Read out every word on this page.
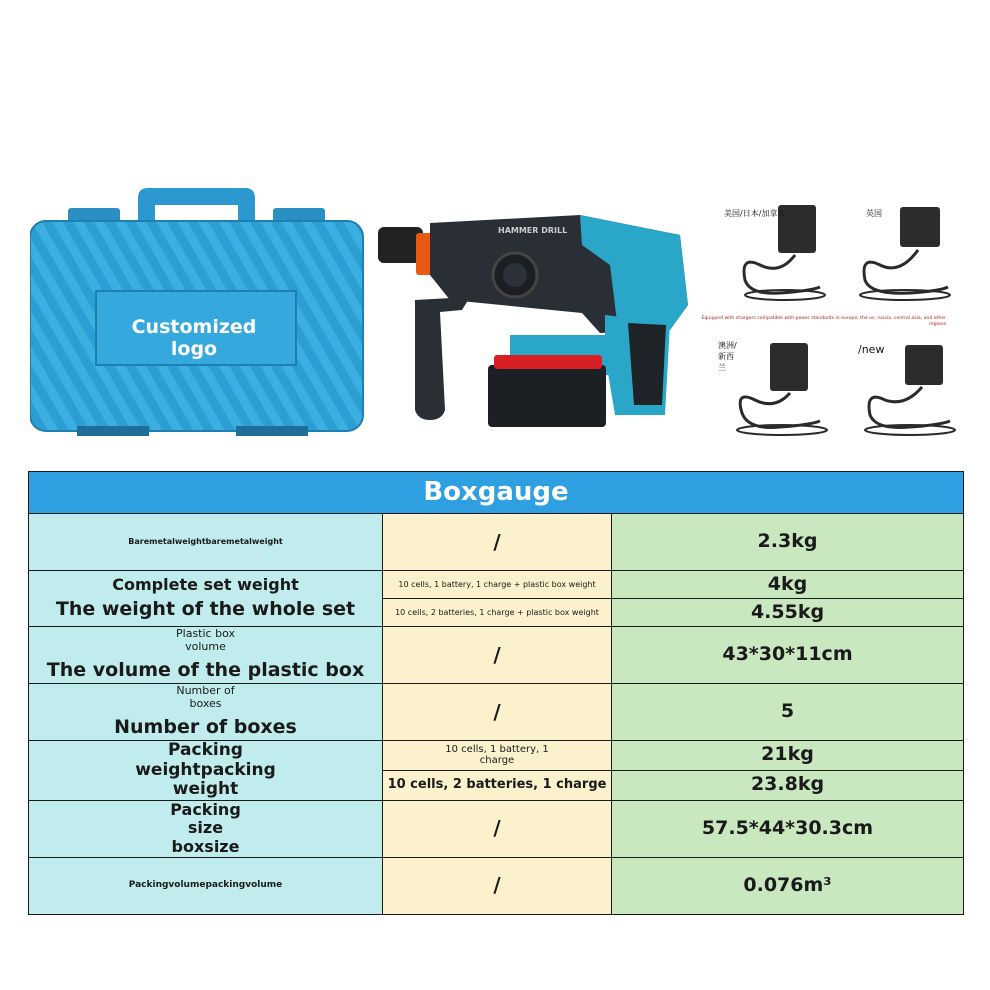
Customized logo
HAMMER DRILL
美国/日本/加拿大	英国
澳洲/新西兰
/new
Equipped with chargers compatible with power standards in europe, the us, russia, central asia, and other regions
Boxgauge		
Baremetalweightbaremetalweight	/	2.3kg

Complete set weight
The weight of the whole set	10 cells, 1 battery, 1 charge + plastic box weight	4kg
	10 cells, 2 batteries, 1 charge + plastic box weight	4.55kg

Plastic box volume
The volume of the plastic box	/	43*30*11cm

Number of boxes
Number of boxes	/	5

Packing weightpacking weight	10 cells, 1 battery, 1 charge	21kg
	10 cells, 2 batteries, 1 charge	23.8kg

Packing size boxsize	/	57.5*44*30.3cm
Packingvolumepackingvolume	/	0.076m³
